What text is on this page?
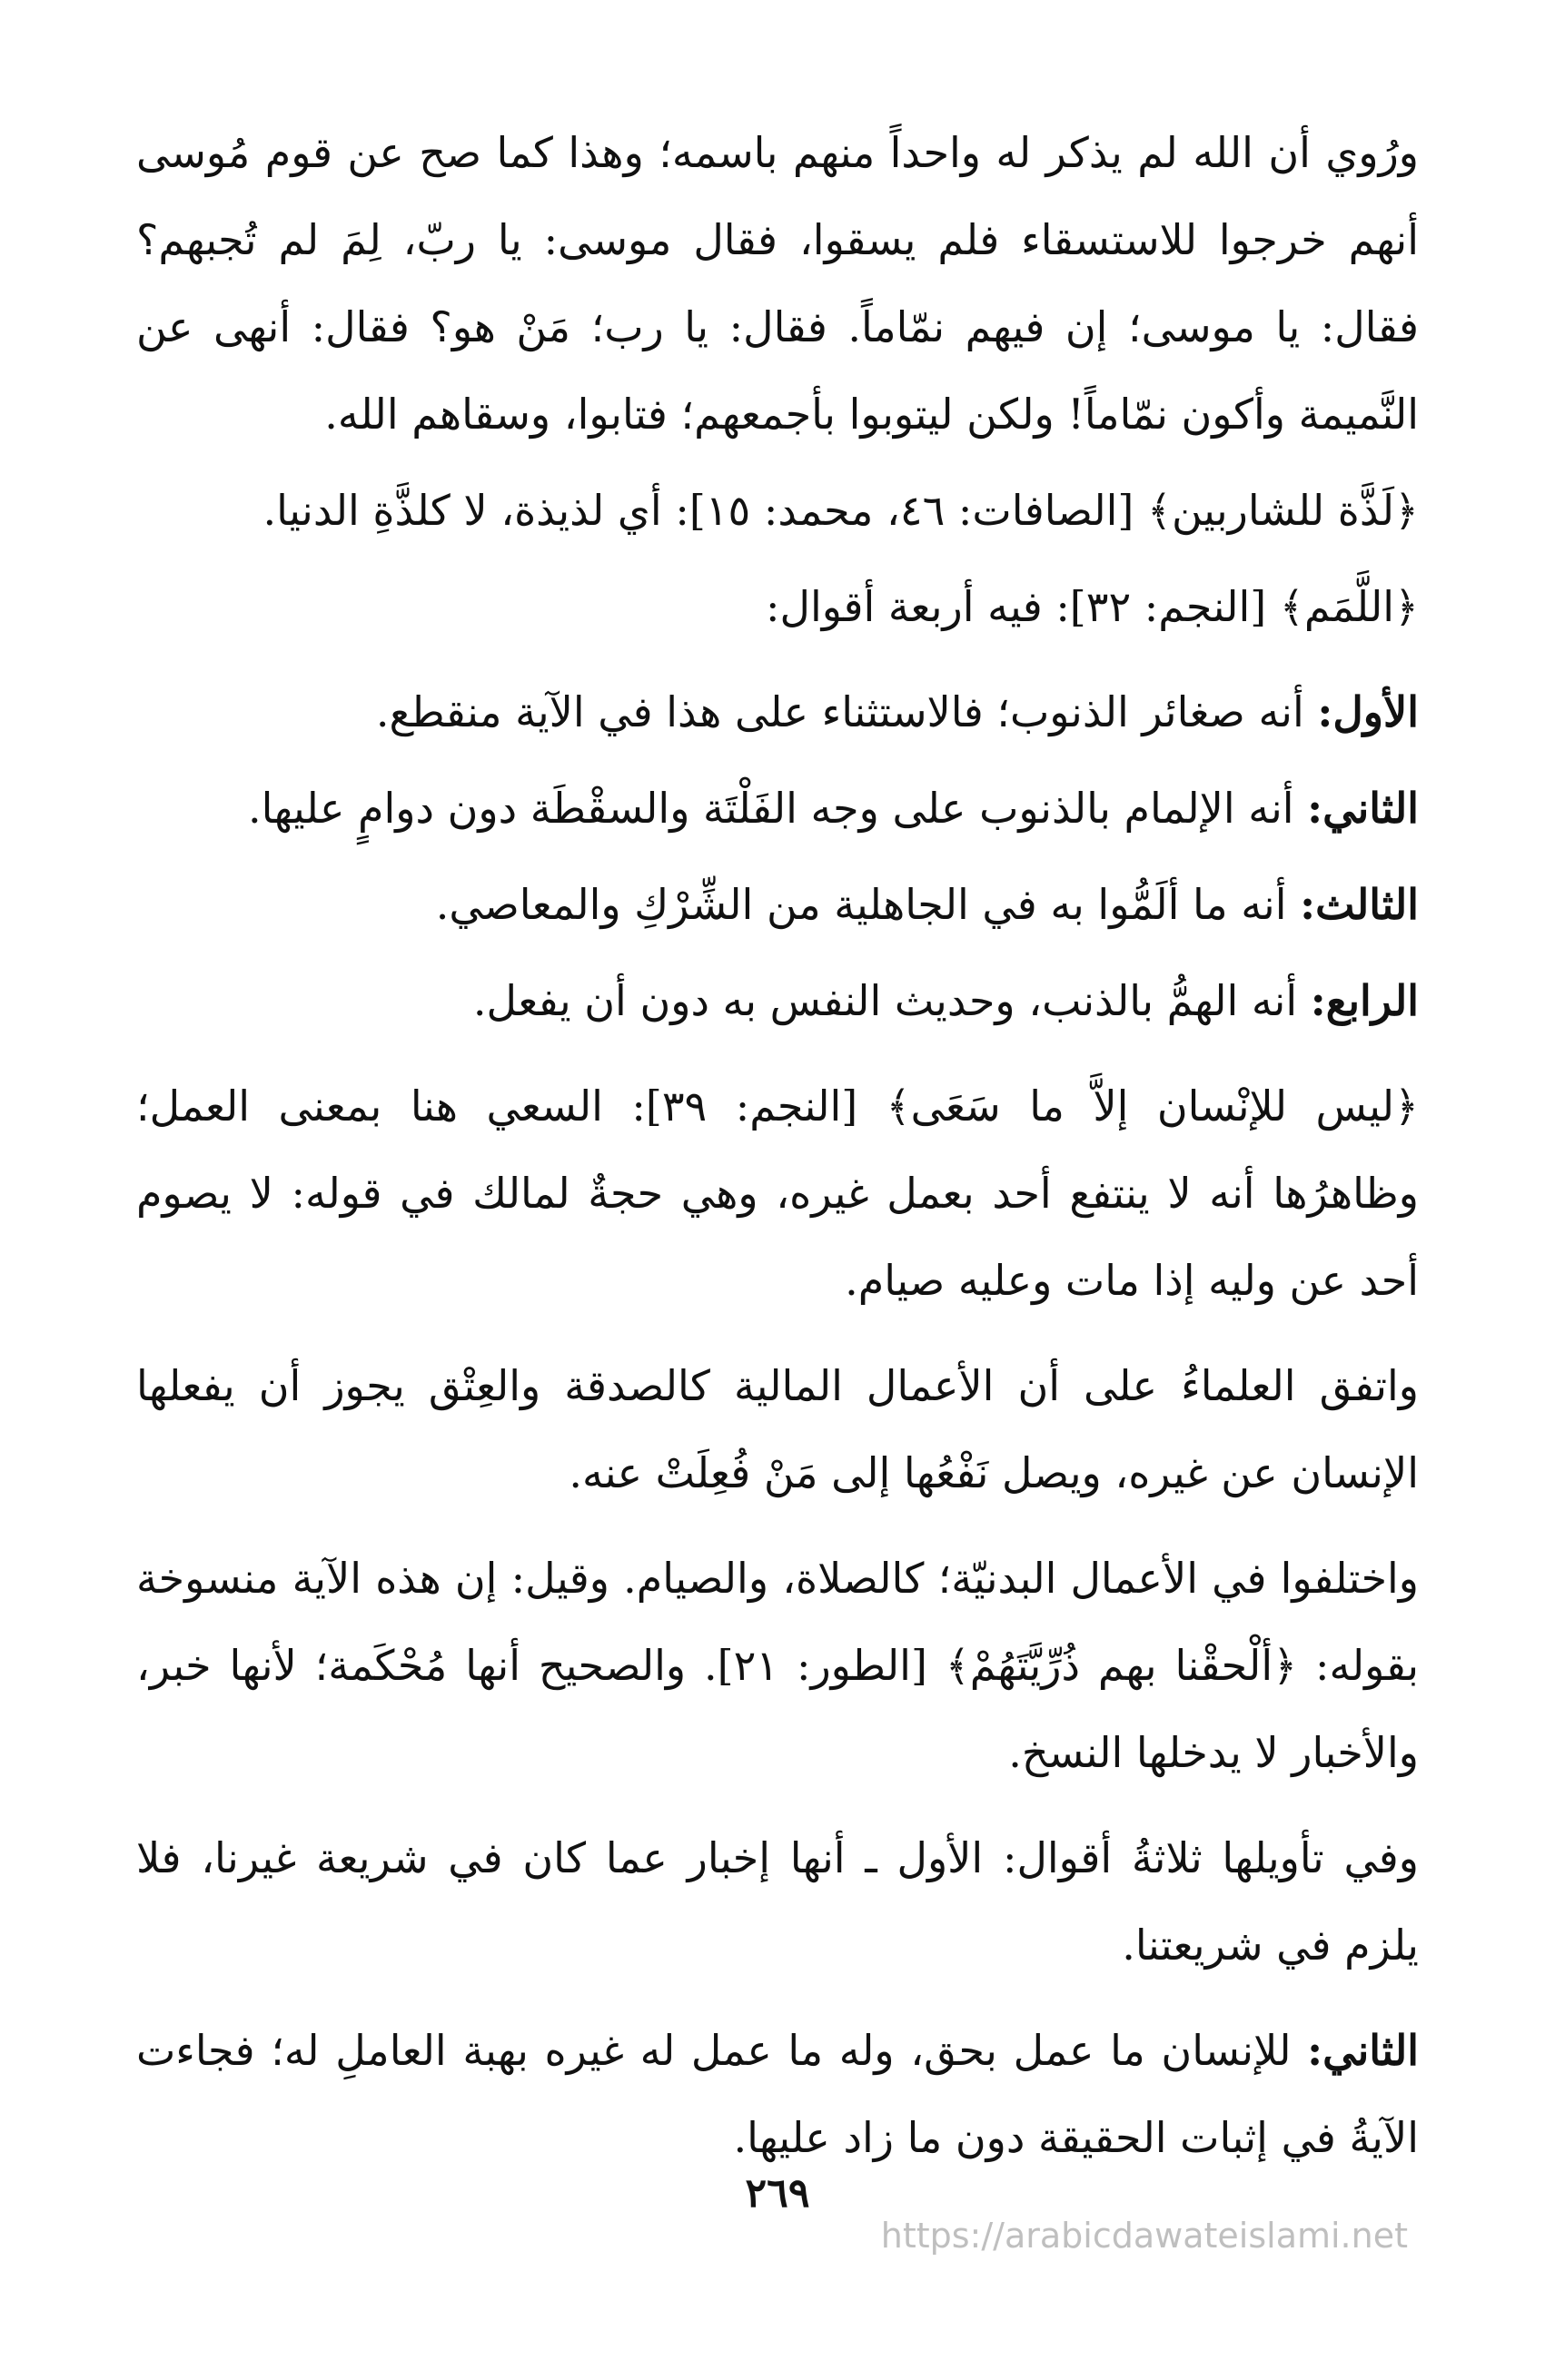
ورُوي أن الله لم يذكر له واحداً منهم باسمه؛ وهذا كما صح عن قوم مُوسى أنهم خرجوا للاستسقاء فلم يسقوا، فقال موسى: يا ربّ، لِمَ لم تُجبهم؟ فقال: يا موسى؛ إن فيهم نمّاماً. فقال: يا رب؛ مَنْ هو؟ فقال: أنهى عن النَّميمة وأكون نمّاماً! ولكن ليتوبوا بأجمعهم؛ فتابوا، وسقاهم الله.

﴿لَذَّة للشاربين﴾ [الصافات: ٤٦، محمد: ١٥]: أي لذيذة، لا كلذَّةِ الدنيا.

﴿اللَّمَم﴾ [النجم: ٣٢]: فيه أربعة أقوال:

الأول: أنه صغائر الذنوب؛ فالاستثناء على هذا في الآية منقطع.

الثاني: أنه الإلمام بالذنوب على وجه الفَلْتَة والسقْطَة دون دوامٍ عليها.

الثالث: أنه ما ألَمُّوا به في الجاهلية من الشِّرْكِ والمعاصي.

الرابع: أنه الهمُّ بالذنب، وحديث النفس به دون أن يفعل.

﴿ليس للإنْسان إلاَّ ما سَعَى﴾ [النجم: ٣٩]: السعي هنا بمعنى العمل؛ وظاهرُها أنه لا ينتفع أحد بعمل غيره، وهي حجةٌ لمالك في قوله: لا يصوم أحد عن وليه إذا مات وعليه صيام.

واتفق العلماءُ على أن الأعمال المالية كالصدقة والعِتْق يجوز أن يفعلها الإنسان عن غيره، ويصل نَفْعُها إلى مَنْ فُعِلَتْ عنه.

واختلفوا في الأعمال البدنيّة؛ كالصلاة، والصيام. وقيل: إن هذه الآية منسوخة بقوله: ﴿ألْحقْنا بهم ذُرِّيَّتَهُمْ﴾ [الطور: ٢١]. والصحيح أنها مُحْكَمة؛ لأنها خبر، والأخبار لا يدخلها النسخ.

وفي تأويلها ثلاثةُ أقوال: الأول ـ أنها إخبار عما كان في شريعة غيرنا، فلا يلزم في شريعتنا.

الثاني: للإنسان ما عمل بحق، وله ما عمل له غيره بهبة العاملِ له؛ فجاءت الآيةُ في إثبات الحقيقة دون ما زاد عليها.

٢٦٩
https://arabicdawateislami.net
